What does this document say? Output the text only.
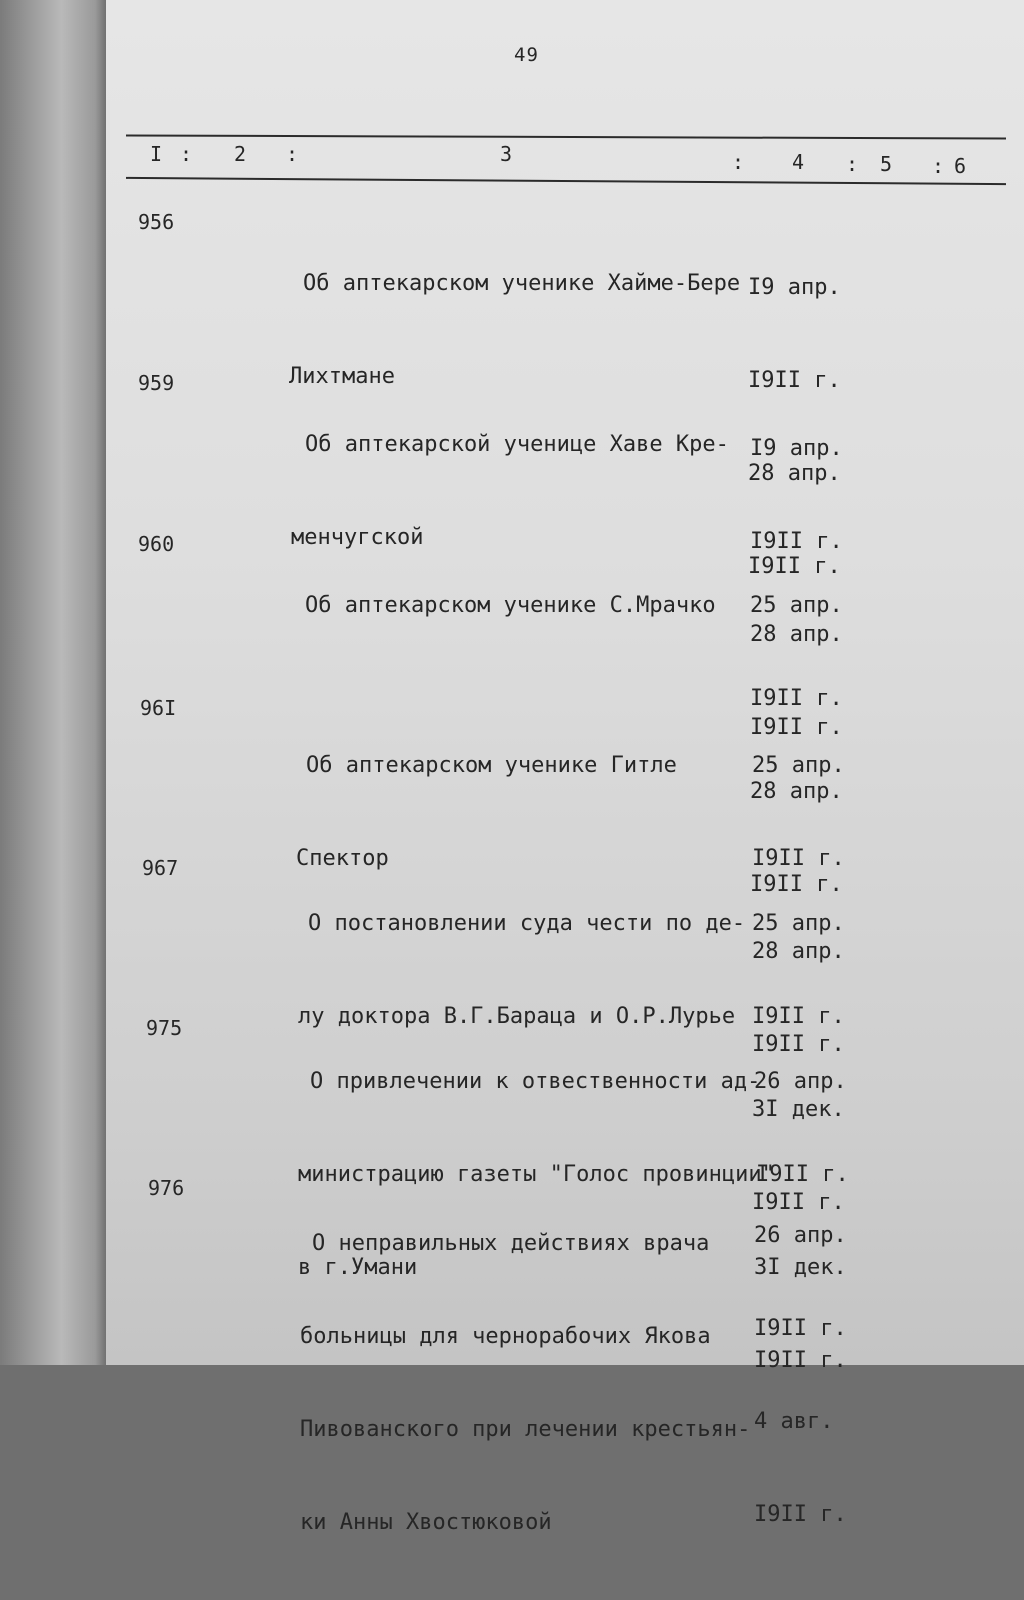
49
I : 2 :	3	: 4 : 5 : 6
956

Об аптекарском ученике Хайме-Бере

Лихтмане

I9 апр.

I9II г.

28 апр.

I9II г.

959

Об аптекарской ученице Хаве Кре-

менчугской

I9 апр.

I9II г.

28 апр.

I9II г.

960

Об аптекарском ученике С.Мрачко

25 апр.

I9II г.

28 апр.

I9II г.

96I

Об аптекарском ученике Гитле

Спектор

25 апр.

I9II г.

28 апр.

I9II г.

967

О постановлении суда чести по де-

лу доктора В.Г.Бараца и О.Р.Лурье

25 апр.

I9II г.

3I дек.

I9II г.

975

О привлечении к отвественности ад-

министрацию газеты "Голос провинции"

в г.Умани

26 апр.

I9II г.

3I дек.

I9II г.

976

О неправильных действиях врача

больницы для чернорабочих Якова

Пивованского при лечении крестьян-

ки Анны Хвостюковой

26 апр.

I9II г.

4 авг.

I9II г.
